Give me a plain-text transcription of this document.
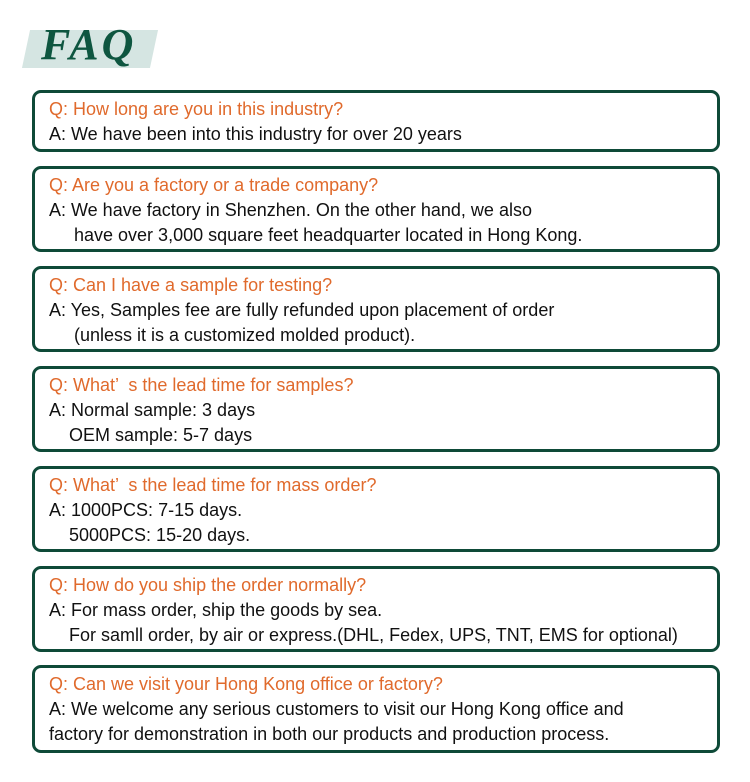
FAQ
Q: How long are you in this industry?
A: We have been into this industry for over 20 years
Q: Are you a factory or a trade company?
A: We have factory in Shenzhen. On the other hand, we also
have over 3,000 square feet headquarter located in Hong Kong.
Q: Can I have a sample for testing?
A: Yes, Samples fee are fully refunded upon placement of order
(unless it is a customized molded product).
Q: What’  s the lead time for samples?
A: Normal sample: 3 days
OEM sample: 5-7 days
Q: What’  s the lead time for mass order?
A: 1000PCS: 7-15 days.
5000PCS: 15-20 days.
Q: How do you ship the order normally?
A: For mass order, ship the goods by sea.
For samll order, by air or express.(DHL, Fedex, UPS, TNT, EMS for optional)
Q: Can we visit your Hong Kong office or factory?
A: We welcome any serious customers to visit our Hong Kong office and
factory for demonstration in both our products and production process.
